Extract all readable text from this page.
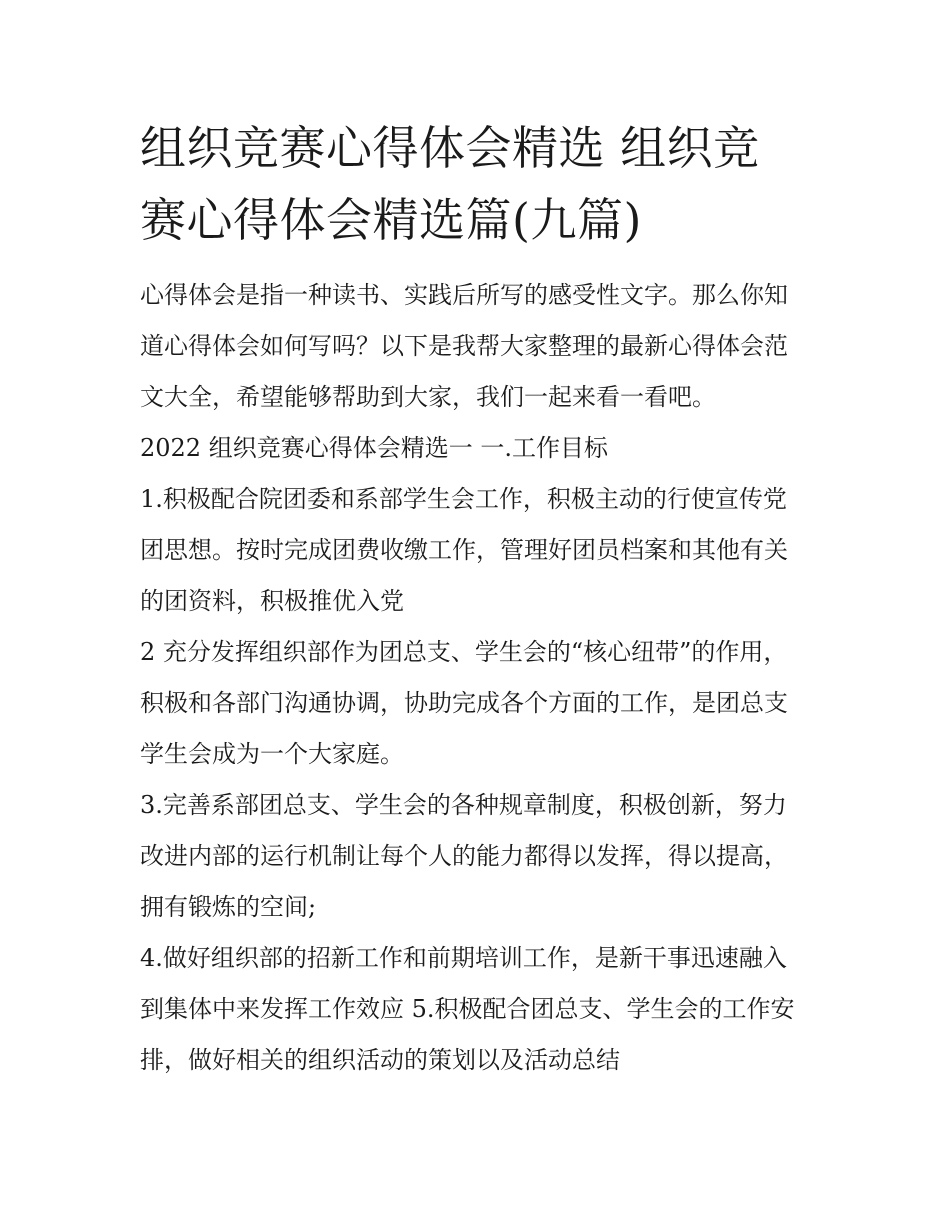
组织竞赛心得体会精选 组织竞
赛心得体会精选篇(九篇)

心得体会是指一种读书、实践后所写的感受性文字。那么你知
道心得体会如何写吗？以下是我帮大家整理的最新心得体会范
文大全，希望能够帮助到大家，我们一起来看一看吧。

2022 组织竞赛心得体会精选一 一.工作目标

1.积极配合院团委和系部学生会工作，积极主动的行使宣传党
团思想。按时完成团费收缴工作，管理好团员档案和其他有关
的团资料，积极推优入党

2 充分发挥组织部作为团总支、学生会的“核心纽带”的作用，
积极和各部门沟通协调，协助完成各个方面的工作，是团总支
学生会成为一个大家庭。

3.完善系部团总支、学生会的各种规章制度，积极创新，努力
改进内部的运行机制让每个人的能力都得以发挥，得以提高，
拥有锻炼的空间;

4.做好组织部的招新工作和前期培训工作，是新干事迅速融入
到集体中来发挥工作效应 5.积极配合团总支、学生会的工作安
排，做好相关的组织活动的策划以及活动总结
